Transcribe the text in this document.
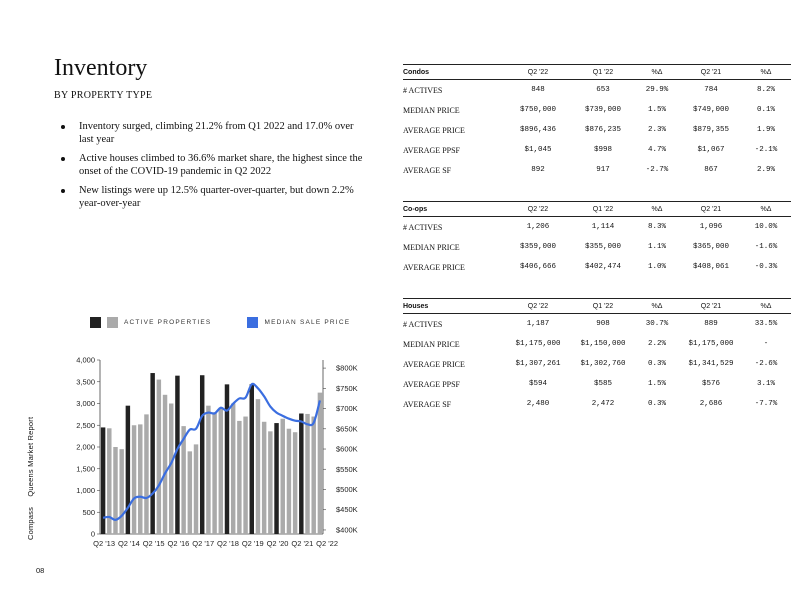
Inventory
BY PROPERTY TYPE
Inventory surged, climbing 21.2% from Q1 2022 and 17.0% over last year
Active houses climbed to 36.6% market share, the highest since the onset of the COVID-19 pandemic in Q2 2022
New listings were up 12.5% quarter-over-quarter, but down 2.2% year-over-year
ACTIVE PROPERTIES	MEDIAN SALE PRICE
0
500
1,000
1,500
2,000
2,500
3,000
3,500
4,000
$400K
$450K
$500K
$550K
$600K
$650K
$700K
$750K
$800K
Q2 '13 Q2 '14 Q2 '15 Q2 '16 Q2 '17 Q2 '18 Q2 '19 Q2 '20 Q2 '21 Q2 '22
Compass Queens Market Report
08
Condos	Q2 '22	Q1 '22	%Δ	Q2 '21	%Δ
# ACTIVES	848	653	29.9%	784	8.2%
MEDIAN PRICE	$750,000	$739,000	1.5%	$749,000	0.1%
AVERAGE PRICE	$896,436	$876,235	2.3%	$879,355	1.9%
AVERAGE PPSF	$1,045	$998	4.7%	$1,067	-2.1%
AVERAGE SF	892	917	-2.7%	867	2.9%
Co-ops	Q2 '22	Q1 '22	%Δ	Q2 '21	%Δ
# ACTIVES	1,206	1,114	8.3%	1,096	10.0%
MEDIAN PRICE	$359,000	$355,000	1.1%	$365,000	-1.6%
AVERAGE PRICE	$406,666	$402,474	1.0%	$408,061	-0.3%
Houses	Q2 '22	Q1 '22	%Δ	Q2 '21	%Δ
# ACTIVES	1,187	908	30.7%	889	33.5%
MEDIAN PRICE	$1,175,000	$1,150,000	2.2%	$1,175,000	-
AVERAGE PRICE	$1,307,261	$1,302,760	0.3%	$1,341,529	-2.6%
AVERAGE PPSF	$594	$585	1.5%	$576	3.1%
AVERAGE SF	2,480	2,472	0.3%	2,686	-7.7%
